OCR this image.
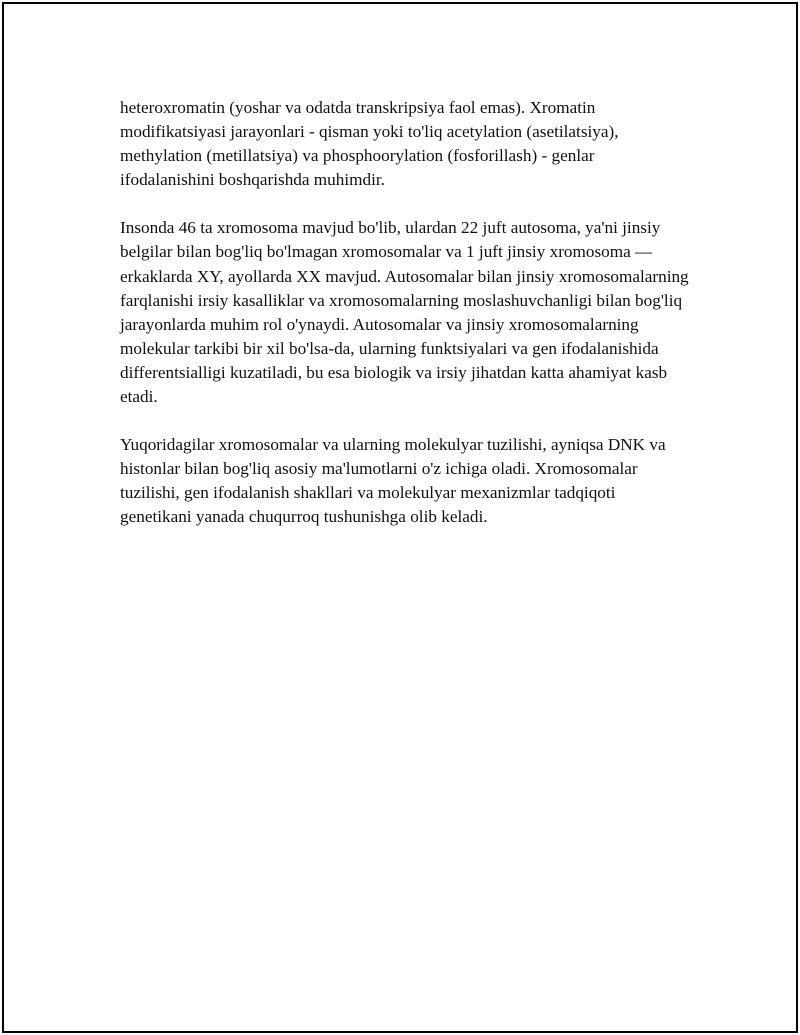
heteroxromatin (yoshar va odatda transkripsiya faol emas). Xromatin modifikatsiyasi jarayonlari - qisman yoki to'liq acetylation (asetilatsiya), methylation (metillatsiya) va phosphoorylation (fosforillash) - genlar ifodalanishini boshqarishda muhimdir.

Insonda 46 ta xromosoma mavjud bo'lib, ulardan 22 juft autosoma, ya'ni jinsiy belgilar bilan bog'liq bo'lmagan xromosomalar va 1 juft jinsiy xromosoma — erkaklarda XY, ayollarda XX mavjud. Autosomalar bilan jinsiy xromosomalarning farqlanishi irsiy kasalliklar va xromosomalarning moslashuvchanligi bilan bog'liq jarayonlarda muhim rol o'ynaydi. Autosomalar va jinsiy xromosomalarning molekular tarkibi bir xil bo'lsa-da, ularning funktsiyalari va gen ifodalanishida differentsialligi kuzatiladi, bu esa biologik va irsiy jihatdan katta ahamiyat kasb etadi.

Yuqoridagilar xromosomalar va ularning molekulyar tuzilishi, ayniqsa DNK va histonlar bilan bog'liq asosiy ma'lumotlarni o'z ichiga oladi. Xromosomalar tuzilishi, gen ifodalanish shakllari va molekulyar mexanizmlar tadqiqoti genetikani yanada chuqurroq tushunishga olib keladi.
